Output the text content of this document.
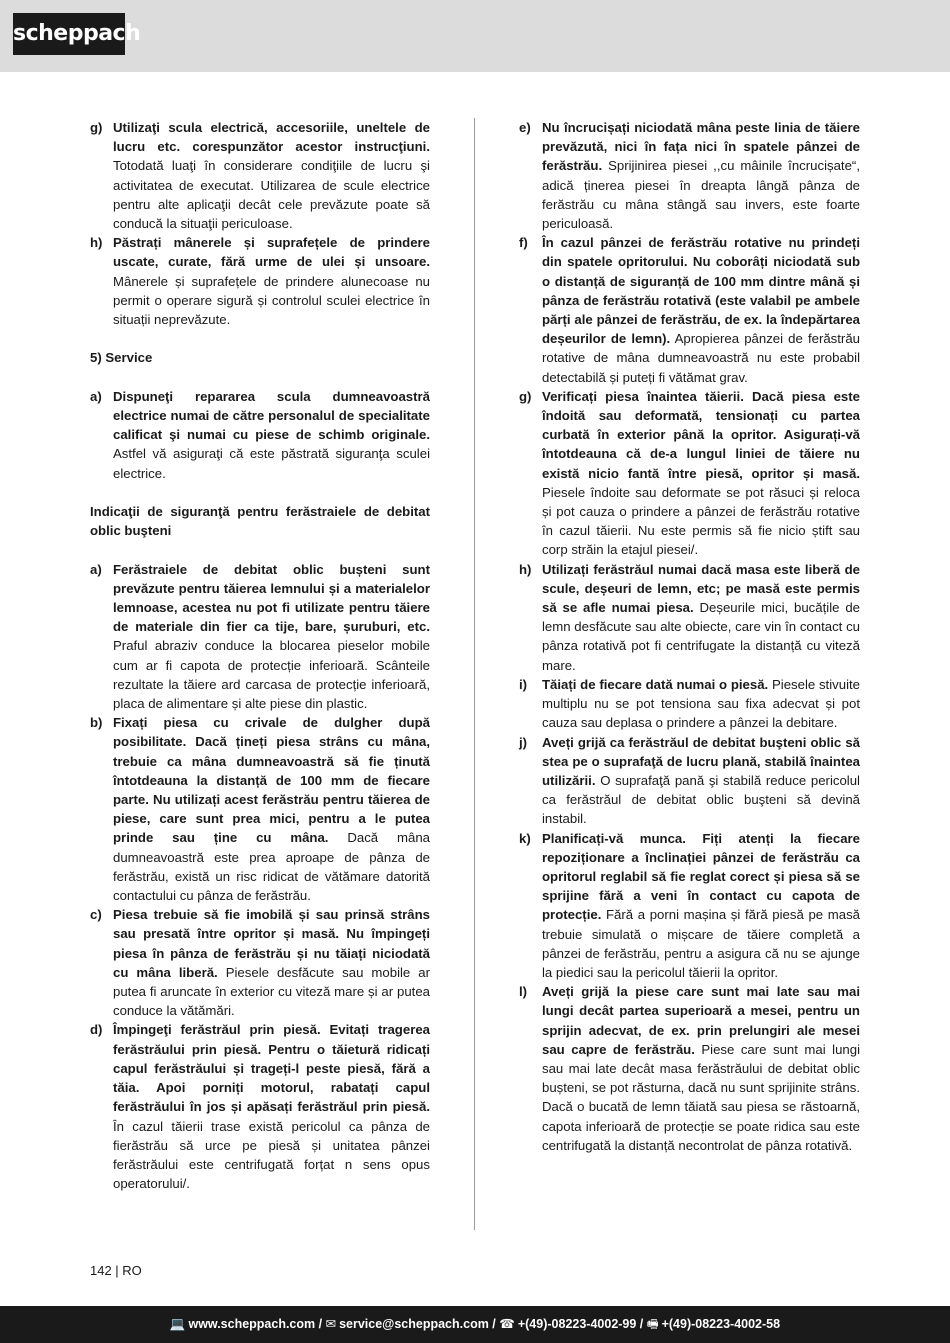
scheppach
g) Utilizaţi scula electrică, accesoriile, uneltele de lucru etc. corespunzător acestor instrucţiuni. Totodată luaţi în considerare condiţiile de lucru şi activitatea de executat. Utilizarea de scule electrice pentru alte aplicaţii decât cele prevăzute poate să conducă la situaţii periculoase.
h) Păstrați mânerele și suprafețele de prindere uscate, curate, fără urme de ulei și unsoare. Mânerele și suprafețele de prindere alunecoase nu permit o operare sigură și controlul sculei electrice în situații neprevăzute.
5) Service
a) Dispuneţi repararea scula dumneavoastră electrice numai de către personalul de specialitate calificat şi numai cu piese de schimb originale. Astfel vă asiguraţi că este păstrată siguranţa sculei electrice.
Indicaţii de siguranţă pentru ferăstraiele de debitat oblic buşteni
a) Ferăstraiele de debitat oblic bușteni sunt prevăzute pentru tăierea lemnului și a materialelor lemnoase, acestea nu pot fi utilizate pentru tăiere de materiale din fier ca tije, bare, șuruburi, etc. Praful abraziv conduce la blocarea pieselor mobile cum ar fi capota de protecție inferioară. Scânteile rezultate la tăiere ard carcasa de protecție inferioară, placa de alimentare și alte piese din plastic.
b) Fixați piesa cu crivale de dulgher după posibilitate. Dacă țineți piesa strâns cu mâna, trebuie ca mâna dumneavoastră să fie ținută întotdeauna la distanță de 100 mm de fiecare parte. Nu utilizați acest ferăstrău pentru tăierea de piese, care sunt prea mici, pentru a le putea prinde sau ține cu mâna. Dacă mâna dumneavoastră este prea aproape de pânza de ferăstrău, există un risc ridicat de vătămare datorită contactului cu pânza de ferăstrău.
c) Piesa trebuie să fie imobilă și sau prinsă strâns sau presată între opritor și masă. Nu împingeți piesa în pânza de ferăstrău și nu tăiați niciodată cu mâna liberă. Piesele desfăcute sau mobile ar putea fi aruncate în exterior cu viteză mare și ar putea conduce la vătămări.
d) Împingeţi ferăstrăul prin piesă. Evitați tragerea ferăstrăului prin piesă. Pentru o tăietură ridicați capul ferăstrăului și trageți-l peste piesă, fără a tăia. Apoi porniți motorul, rabatați capul ferăstrăului în jos și apăsați ferăstrăul prin piesă. În cazul tăierii trase există pericolul ca pânza de fierăstrău să urce pe piesă și unitatea pânzei ferăstrăului este centrifugată forțat n sens opus operatorului/.
e) Nu încrucișați niciodată mâna peste linia de tăiere prevăzută, nici în fața nici în spatele pânzei de ferăstrău. Sprijinirea piesei ,,cu mâinile încrucișate“, adică ținerea piesei în dreapta lângă pânza de ferăstrău cu mâna stângă sau invers, este foarte periculoasă.
f)	În cazul pânzei de ferăstrău rotative nu prindeți din spatele opritorului. Nu coborâți niciodată sub o distanță de siguranță de 100 mm dintre mână și pânza de ferăstrău rotativă (este valabil pe ambele părți ale pânzei de ferăstrău, de ex. la îndepărtarea deșeurilor de lemn). Apropierea pânzei de ferăstrău rotative de mâna dumneavoastră nu este probabil detectabilă și puteți fi vătămat grav.
g) Verificați piesa înaintea tăierii. Dacă piesa este îndoită sau deformată, tensionați cu partea curbată în exterior până la opritor. Asigurați-vă întotdeauna că de-a lungul liniei de tăiere nu există nicio fantă între piesă, opritor și masă. Piesele îndoite sau deformate se pot răsuci și reloca și pot cauza o prindere a pânzei de ferăstrău rotative în cazul tăierii. Nu este permis să fie nicio știft sau corp străin la etajul piesei/.
h) Utilizați ferăstrăul numai dacă masa este liberă de scule, deșeuri de lemn, etc; pe masă este permis să se afle numai piesa. Deșeurile mici, bucățile de lemn desfăcute sau alte obiecte, care vin în contact cu pânza rotativă pot fi centrifugate la distanță cu viteză mare.
i)	Tăiați de fiecare dată numai o piesă. Piesele stivuite multiplu nu se pot tensiona sau fixa adecvat și pot cauza sau deplasa o prindere a pânzei la debitare.
j)	Aveți grijă ca ferăstrăul de debitat buşteni oblic să stea pe o suprafaţă de lucru plană, stabilă înaintea utilizării. O suprafaţă pană şi stabilă reduce pericolul ca ferăstrăul de debitat oblic buşteni să devină instabil.
k) Planificați-vă munca. Fiți atenți la fiecare repoziționare a înclinației pânzei de ferăstrău ca opritorul reglabil să fie reglat corect și piesa să se sprijine fără a veni în contact cu capota de protecție. Fără a porni mașina și fără piesă pe masă trebuie simulată o mișcare de tăiere completă a pânzei de ferăstrău, pentru a asigura că nu se ajunge la piedici sau la pericolul tăierii la opritor.
l)	Aveți grijă la piese care sunt mai late sau mai lungi decât partea superioară a mesei, pentru un sprijin adecvat, de ex. prin prelungiri ale mesei sau capre de ferăstrău. Piese care sunt mai lungi sau mai late decât masa ferăstrăului de debitat oblic bușteni, se pot răsturna, dacă nu sunt sprijinite strâns. Dacă o bucată de lemn tăiată sau piesa se răstoarnă, capota inferioară de protecție se poate ridica sau este centrifugată la distanță necontrolat de pânza rotativă.
142 | RO
💻 www.scheppach.com / ✉ service@scheppach.com / ☎ +(49)-08223-4002-99 / 🖷 +(49)-08223-4002-58
